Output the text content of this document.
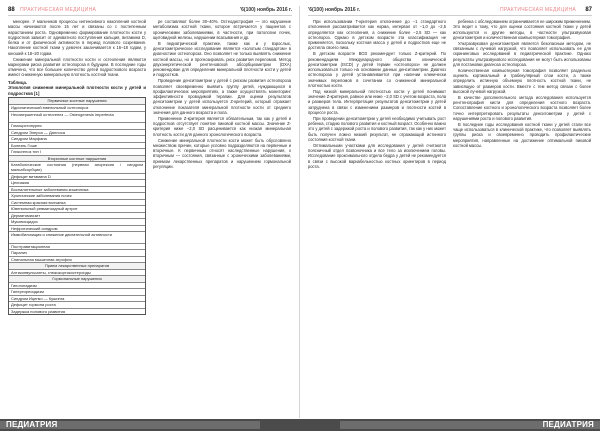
88 ПРАКТИЧЕСКАЯ МЕДИЦИНА	'6(100) ноябрь 2016 г.

менорее. У мальчиков процессы интенсивного накопления костной массы начинаются после 15 лет и связаны со с постепенным нарастанием роста. Одновременно формирование плотности кости у подростков зависит от адекватного поступления кальция, витамина D, белка и от физической активности в период полового созревания. Накопление костной ткани у девочек заканчивается к 16–18 годам, у юношей к 18–20 годам.

Снижение минеральной плотности кости и остеопения являются маркерами риска развития остеопороза в будущем. В последние годы отмечено, что все большее количество детей подросткового возраста имеют сниженную минеральную плотность костной ткани.

Таблица.
Этиология снижения минеральной плотности кости у детей и подростков [1]
Первичные костные нарушения
Идиопатический ювенильный остеопороз
Несовершенный остеогенез — Osteogenesis imperfecta
Гомоцистинурия
Синдром Элерса — Данлоса
Синдром Марфана
Болезнь Гоше
Гликогеноз тип I
Вторичные костные нарушения
Катаболические состояния (нервная анорексия / синдром мальабсорбции)
Дефицит витамина D
Целиакия
Воспалительные заболевания кишечника
Хронические заболевания почек
Системная красная волчанка
Ювенильный ревматоидный артрит
Дерматомиозит
Муковисцидоз
Нефротический синдром
Иммобилизация и снижение двигательной активности
Постгравитационная
Паралич
Спинальная мышечная атрофия
Прием лекарственных препаратов
Антиконвульсанты, глюкокортикостероиды
Гормональные нарушения
Гипогонадизм
Гипертиреоидизм
Синдром Иценко — Кушинга
Дефицит гормона роста
Задержка полового развития

ре составляют более 30–40%. Остеодистрофия — это нарушение метаболизма костной ткани, которое встречается у пациентов с хроническими заболеваниями, в частности, при патологии почек, щитовидной железы, нарушении всасывания и др.

В педиатрической практике, также как и у взрослых, денситометрическое исследование является «золотым стандартом» в диагностике остеопороза. Оно позволяет не только выявлять снижение костной массы, но и прогнозировать риск развития переломов. Метод двухэнергетической рентгеновской абсорбциометрии (DXA) рекомендован для определения минеральной плотности кости у детей и подростков.

Проведение денситометрии у детей с риском развития остеопороза позволяет своевременно выявить группу детей, нуждающихся в профилактических мероприятиях, а также осуществлять мониторинг эффективности проводимой терапии. Для оценки результатов денситометрии у детей используется Z-критерий, который отражает отклонение показателя минеральной плотности кости от среднего значения для данного возраста и пола.

Применение Z-критерия является обязательным, так как у детей и подростков отсутствует понятие пиковой костной массы. Значение Z-критерия ниже −2,0 SD расценивается как низкая минеральная плотность кости для данного хронологического возраста.

Снижение минеральной плотности кости может быть обусловлено множеством причин, которые условно подразделяются на первичные и вторичные. К первичным относят наследственные нарушения, к вторичным — состояния, связанные с хроническими заболеваниями, приемом лекарственных препаратов и нарушением гормональной регуляции.

ПЕДИАТРИЯ
'6(100) ноябрь 2016 г.	ПРАКТИЧЕСКАЯ МЕДИЦИНА 87

При использовании Т-критерия отклонение до −1 стандартного отклонения рассматривается как норма, интервал от −1,0 до −2,5 определяется как остеопения, а снижение более −2,5 SD — как остеопороз. Однако в детском возрасте эта классификация не применяется, поскольку костная масса у детей и подростков еще не достигла своего пика.

В детском возрасте ВОЗ рекомендует только Z-критерий. По рекомендациям Международного общества клинической денситометрии (ISCD) у детей термин «остеопороз» не должен использоваться только на основании данных денситометрии. Диагноз остеопороза у детей устанавливается при наличии клинически значимых переломов в сочетании со сниженной минеральной плотностью кости.

Под низкой минеральной плотностью кости у детей понимают значение Z-критерия, равное или ниже −2,0 SD с учетом возраста, пола и размеров тела. Интерпретация результатов денситометрии у детей затруднена в связи с изменением размеров и плотности костей в процессе роста.

При проведении денситометрии у детей необходимо учитывать рост ребенка, стадию полового развития и костный возраст. Особенно важно это у детей с задержкой роста и полового развития, так как у них может быть получен ложно низкий результат, не отражающий истинного состояния костной ткани.

Оптимальными участками для исследования у детей считаются поясничный отдел позвоночника и все тело за исключением головы. Исследование проксимального отдела бедра у детей не рекомендуется в связи с высокой вариабельностью костных ориентиров в период роста.

ребенка с обследованием ограничивается ее широким применением. Это ведет к тому, что для оценки состояния костной ткани у детей используются и другие методы, в частности ультразвуковая денситометрия и количественная компьютерная томография.

Ультразвуковая денситометрия является безопасным методом, не связанным с лучевой нагрузкой, что позволяет использовать ее для скрининговых исследований в педиатрической практике. Однако результаты ультразвукового исследования не могут быть использованы для постановки диагноза остеопороза.

Количественная компьютерная томография позволяет раздельно оценить кортикальный и трабекулярный слои кости, а также определить истинную объемную плотность костной ткани, не зависящую от размеров кости. Вместе с тем метод связан с более высокой лучевой нагрузкой.

В качестве дополнительного метода исследования используется рентгенография кисти для определения костного возраста. Сопоставление костного и хронологического возраста позволяет более точно интерпретировать результаты денситометрии у детей с нарушениями роста и полового развития.

В последние годы исследования костной ткани у детей стали все чаще использоваться в клинической практике, что позволяет выявлять группы риска и своевременно проводить профилактические мероприятия, направленные на достижение оптимальной пиковой костной массы.

ПЕДИАТРИЯ
